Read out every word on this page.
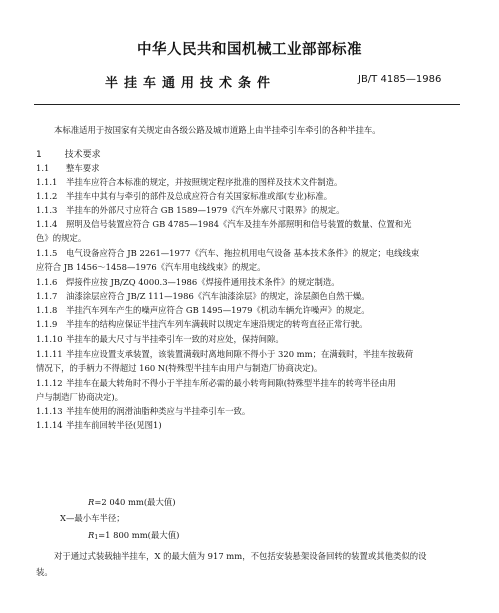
中华人民共和国机械工业部部标准
半挂车通用技术条件	JB/T 4185—1986
本标准适用于按国家有关规定由各级公路及城市道路上由半挂牵引车牵引的各种半挂车。
1	技术要求
1.1 整车要求
1.1.1 半挂车应符合本标准的规定，并按照规定程序批准的图样及技术文件制造。
1.1.2 半挂车中其有与牵引的部件及总成应符合有关国家标准或部(专业)标准。
1.1.3 半挂车的外部尺寸应符合 GB 1589—1979《汽车外廓尺寸限界》的规定。
1.1.4 照明及信号装置应符合 GB 4785—1984《汽车及挂车外部照明和信号装置的数量、位置和光
色》的规定。
1.1.5 电气设备应符合 JB 2261—1977《汽车、拖拉机用电气设备 基本技术条件》的规定；电线线束
应符合 JB 1456～1458—1976《汽车用电线线束》的规定。
1.1.6 焊接件应按 JB/ZQ 4000.3—1986《焊接件通用技术条件》的规定制造。
1.1.7 油漆涂层应符合 JB/Z 111—1986《汽车油漆涂层》的规定，涂层颜色自然干燥。
1.1.8 半挂汽车列车产生的噪声应符合 GB 1495—1979《机动车辆允许噪声》的规定。
1.1.9 半挂车的结构应保证半挂汽车列车满载时以规定车速沿规定的转弯直径正常行驶。
1.1.10 半挂车的最大尺寸与半挂牵引车一致的对应处，保持间隙。
1.1.11 半挂车应设置支承装置，该装置满载时离地间隙不得小于 320 mm；在满载时，半挂车按载荷
情况下，的手柄力不得超过 160 N(特殊型半挂车由用户与制造厂协商决定)。
1.1.12 半挂车在最大转角时不得小于半挂车所必需的最小转弯间隙(特殊型半挂车的转弯半径由用
户与制造厂协商决定)。
1.1.13 半挂车使用的润滑油脂种类应与半挂牵引车一致。
1.1.14 半挂车前回转半径(见图1)
R=2 040 mm(最大值)
X—最小车半径；
R1=1 800 mm(最大值)
对于通过式装载轴半挂车，X 的最大值为 917 mm，不包括安装悬架设备回转的装置或其他类似的设
装。
